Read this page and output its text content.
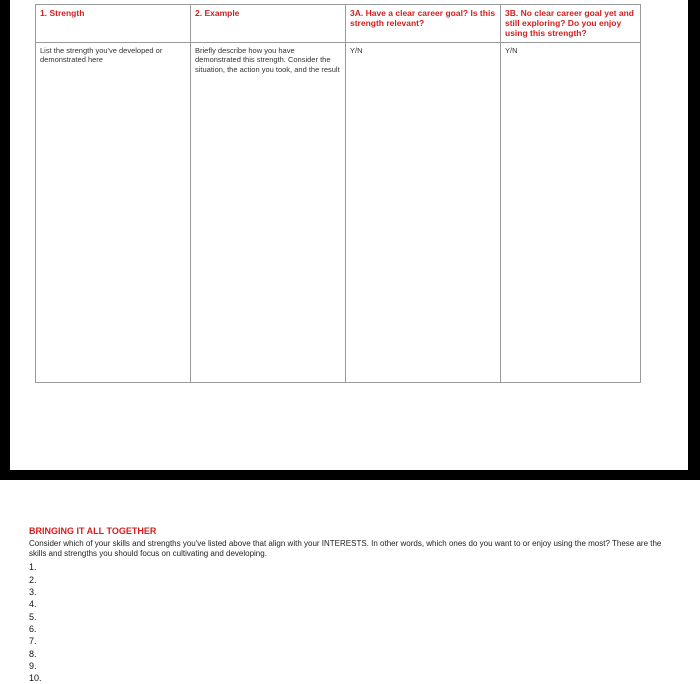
1. Strength	2. Example	3A. Have a clear career goal? Is this strength relevant?	3B. No clear career goal yet and still exploring? Do you enjoy using this strength?
List the strength you've developed or demonstrated here	Briefly describe how you have demonstrated this strength. Consider the situation, the action you took, and the result	Y/N	Y/N
BRINGING IT ALL TOGETHER
Consider which of your skills and strengths you've listed above that align with your INTERESTS. In other words, which ones do you want to or enjoy using the most? These are the skills and strengths you should focus on cultivating and developing.
1.
2.
3.
4.
5.
6.
7.
8.
9.
10.
